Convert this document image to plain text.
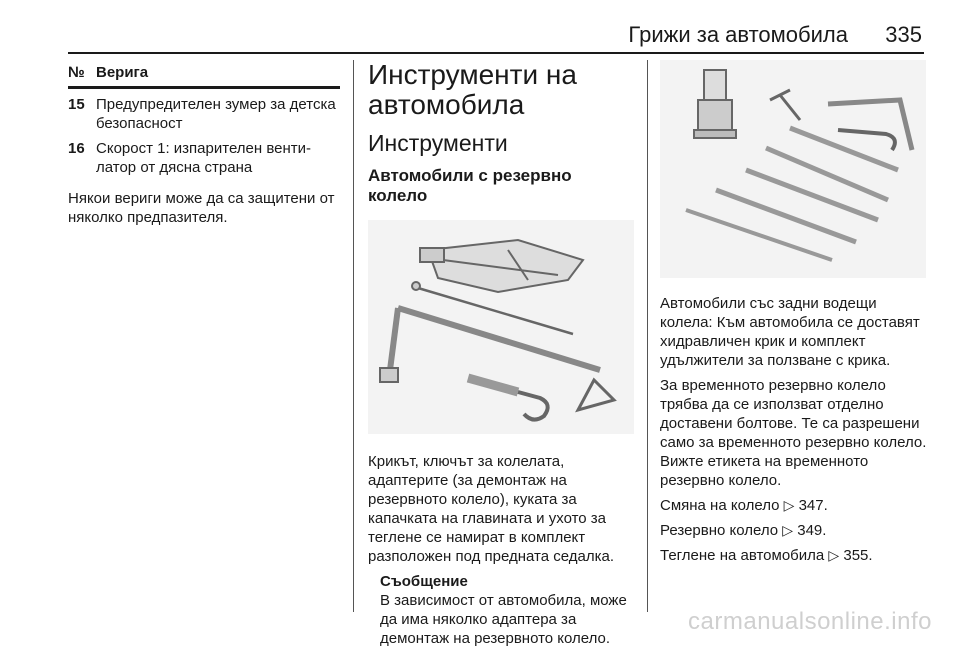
Грижи за автомобила 335
№ Верига
15 Предупредителен зумер за детска безопасност
16 Скорост 1: изпарителен венти-латор от дясна страна
Някои вериги може да са защитени от няколко предпазителя.
Инструменти на автомобила
Инструменти
Автомобили с резервно колело
Крикът, ключът за колелата, адаптерите (за демонтаж на резервното колело), куката за капачката на главината и ухото за теглене се намират в комплект разположен под предната седалка.
Съобщение
В зависимост от автомобила, може да има няколко адаптера за демонтаж на резервното колело.
Автомобили със задни водещи колела: Към автомобила се доставят хидравличен крик и комплект удължители за ползване с крика.
За временното резервно колело трябва да се използват отделно доставени болтове. Те са разрешени само за временното резервно колело. Вижте етикета на временното резервно колело.
Смяна на колело ▷ 347.
Резервно колело ▷ 349.
Теглене на автомобила ▷ 355.
carmanualsonline.info
